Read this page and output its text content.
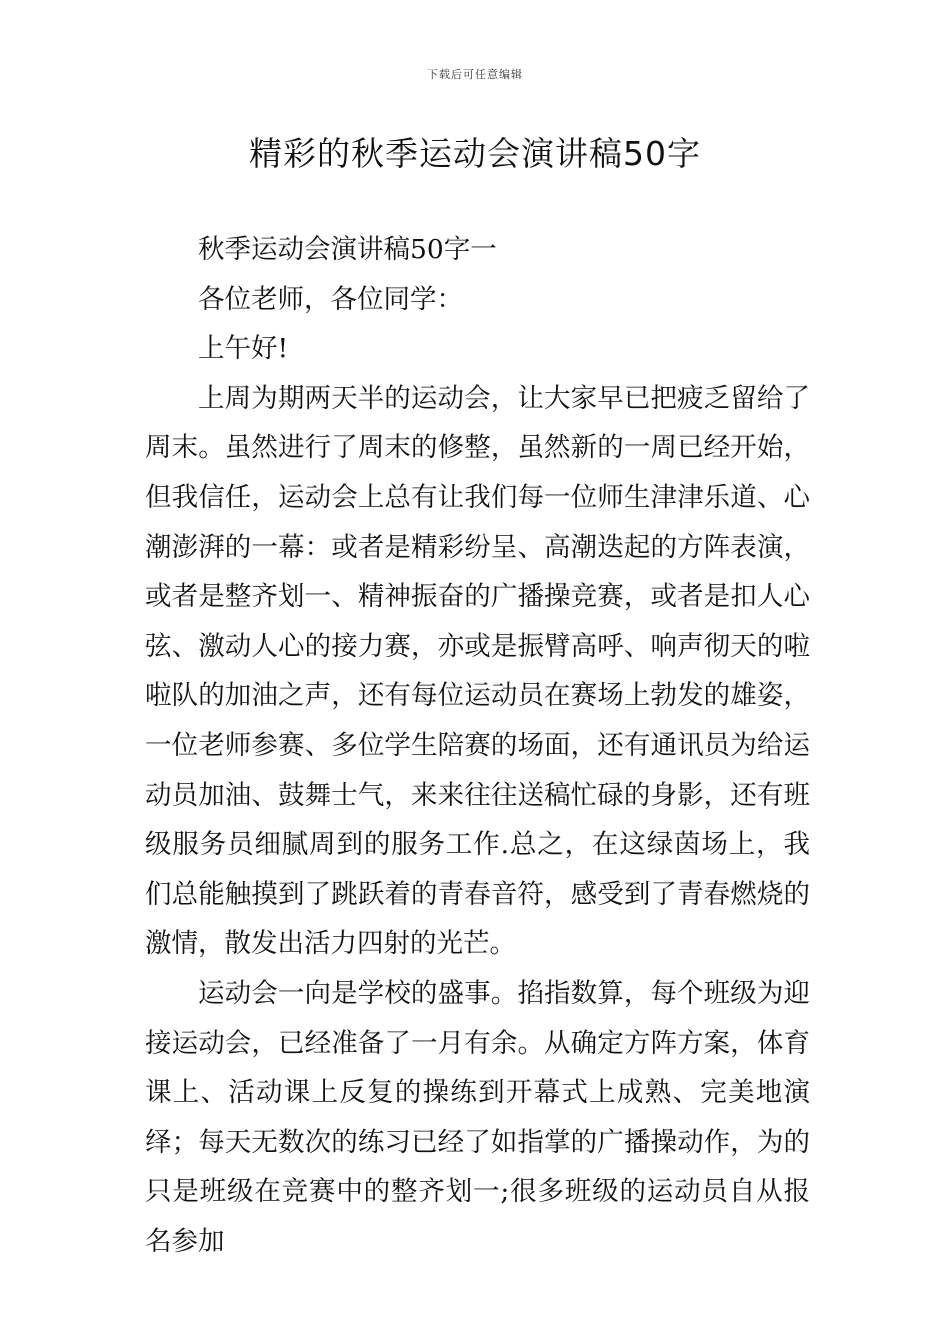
下载后可任意编辑
精彩的秋季运动会演讲稿50字

秋季运动会演讲稿50字一

各位老师，各位同学：

上午好!

上周为期两天半的运动会，让大家早已把疲乏留给了周末。虽然进行了周末的修整，虽然新的一周已经开始，但我信任，运动会上总有让我们每一位师生津津乐道、心潮澎湃的一幕：或者是精彩纷呈、高潮迭起的方阵表演，或者是整齐划一、精神振奋的广播操竞赛，或者是扣人心弦、激动人心的接力赛，亦或是振臂高呼、响声彻天的啦啦队的加油之声，还有每位运动员在赛场上勃发的雄姿，一位老师参赛、多位学生陪赛的场面，还有通讯员为给运动员加油、鼓舞士气，来来往往送稿忙碌的身影，还有班级服务员细腻周到的服务工作.总之，在这绿茵场上，我们总能触摸到了跳跃着的青春音符，感受到了青春燃烧的激情，散发出活力四射的光芒。

运动会一向是学校的盛事。掐指数算，每个班级为迎接运动会，已经准备了一月有余。从确定方阵方案，体育课上、活动课上反复的操练到开幕式上成熟、完美地演绎；每天无数次的练习已经了如指掌的广播操动作，为的只是班级在竞赛中的整齐划一;很多班级的运动员自从报名参加
